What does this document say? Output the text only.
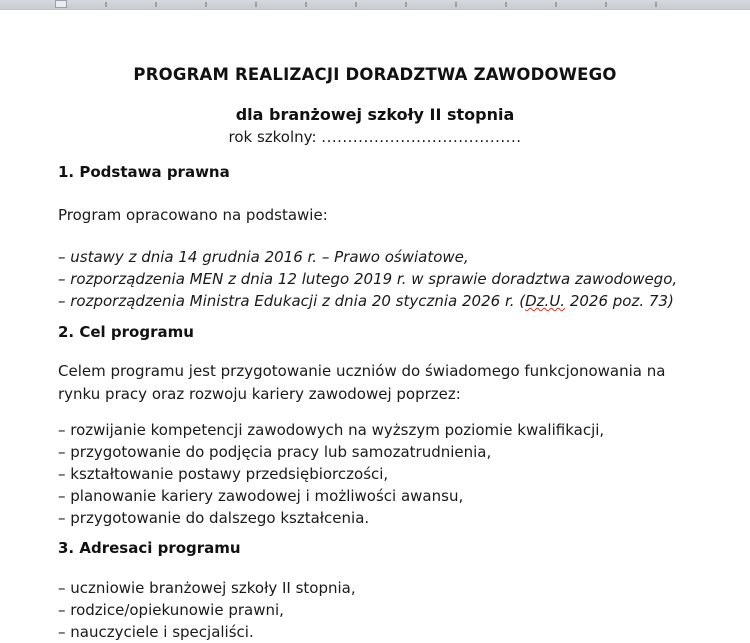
PROGRAM REALIZACJI DORADZTWA ZAWODOWEGO
dla branżowej szkoły II stopnia
rok szkolny: ......................................
1. Podstawa prawna
Program opracowano na podstawie:
– ustawy z dnia 14 grudnia 2016 r. – Prawo oświatowe,
– rozporządzenia MEN z dnia 12 lutego 2019 r. w sprawie doradztwa zawodowego,
– rozporządzenia Ministra Edukacji z dnia 20 stycznia 2026 r. (Dz.U. 2026 poz. 73)
2. Cel programu
Celem programu jest przygotowanie uczniów do świadomego funkcjonowania na
rynku pracy oraz rozwoju kariery zawodowej poprzez:
– rozwijanie kompetencji zawodowych na wyższym poziomie kwalifikacji,
– przygotowanie do podjęcia pracy lub samozatrudnienia,
– kształtowanie postawy przedsiębiorczości,
– planowanie kariery zawodowej i możliwości awansu,
– przygotowanie do dalszego kształcenia.
3. Adresaci programu
– uczniowie branżowej szkoły II stopnia,
– rodzice/opiekunowie prawni,
– nauczyciele i specjaliści.
